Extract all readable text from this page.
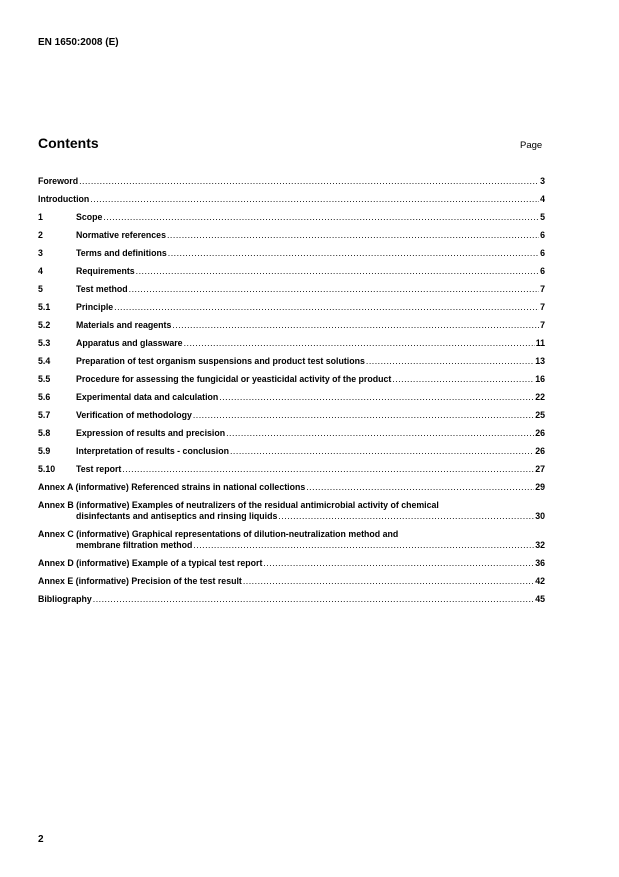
EN 1650:2008 (E)
Contents	Page
Foreword .....	3
Introduction .....	4
1	Scope .....	5
2	Normative references .....	6
3	Terms and definitions .....	6
4	Requirements .....	6
5	Test method .....	7
5.1	Principle .....	7
5.2	Materials and reagents .....	7
5.3	Apparatus and glassware .....	11
5.4	Preparation of test organism suspensions and product test solutions .....	13
5.5	Procedure for assessing the fungicidal or yeasticidal activity of the product .....	16
5.6	Experimental data and calculation .....	22
5.7	Verification of methodology .....	25
5.8	Expression of results and precision .....	26
5.9	Interpretation of results - conclusion .....	26
5.10	Test report .....	27
Annex A (informative) Referenced strains in national collections .....	29
Annex B (informative) Examples of neutralizers of the residual antimicrobial activity of chemical
disinfectants and antiseptics and rinsing liquids .....	30
Annex C (informative) Graphical representations of dilution-neutralization method and
membrane filtration method .....	32
Annex D (informative) Example of a typical test report .....	36
Annex E (informative) Precision of the test result .....	42
Bibliography .....	45
2
